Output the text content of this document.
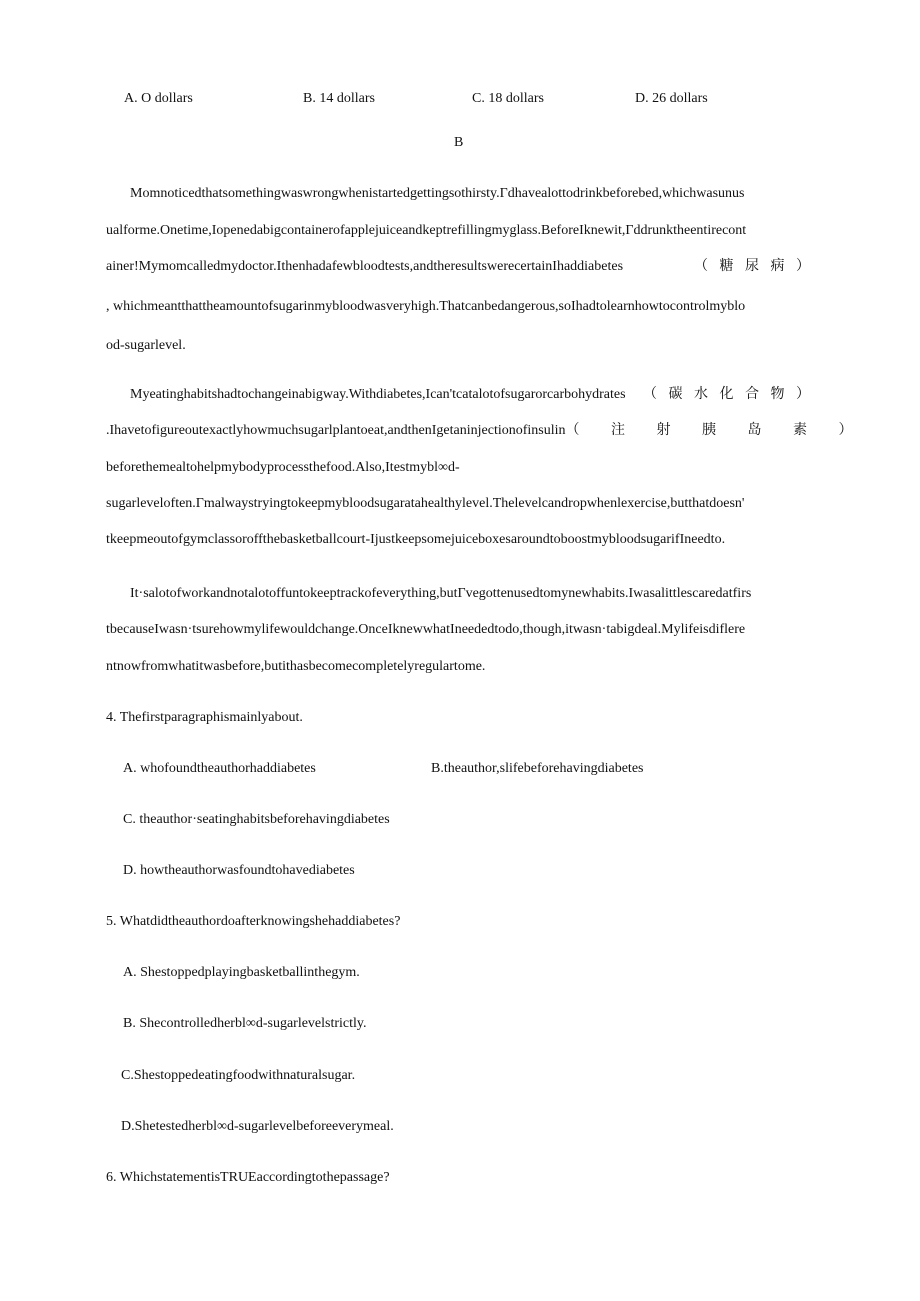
A. O dollars	B. 14 dollars	C. 18 dollars	D. 26 dollars
B
Momnoticedthatsomethingwaswrongwhenistartedgettingsothirsty.Γdhavealottodrinkbeforebed,whichwasunus
ualforme.Onetime,Iopenedabigcontainerofapplejuiceandkeptrefillingmyglass.BeforeIknewit,Γddrunktheentirecont
ainer!Mymomcalledmydoctor.Ithenhadafewbloodtests,andtheresultswerecertainIhaddiabetes	（ 糖 尿 病 ）
, whichmeantthattheamountofsugarinmybloodwasveryhigh.Thatcanbedangerous,soIhadtolearnhowtocontrolmyblo
od-sugarlevel.
Myeatinghabitshadtochangeinabigway.Withdiabetes,Ican'tcatalotofsugarorcarbohydrates （ 碳 水 化 合 物 ）
.Ihavetofigureoutexactlyhowmuchsugarlplantoeat,andthenIgetaninjectionofinsulin （ 注 射 胰 岛 素 ）
beforethemealtohelpmybodyprocessthefood.Also,Itestmybl∞d-
sugarleveloften.Γmalwaystryingtokeepmybloodsugaratahealthylevel.Thelevelcandropwhenlexercise,butthatdoesn'
tkeepmeoutofgymclassoroffthebasketballcourt-IjustkeepsomejuiceboxesaroundtoboostmybloodsugarifIneedto.
It·salotofworkandnotalotoffuntokeeptrackofeverything,butΓvegottenusedtomynewhabits.Iwasalittlescaredatfirs
tbecauseIwasn·tsurehowmylifewouldchange.OnceIknewwhatIneededtodo,though,itwasn·tabigdeal.Mylifeisdiflere
ntnowfromwhatitwasbefore,butithasbecomecompletelyregulartome.
4. Thefirstparagraphismainlyabout.
A. whofoundtheauthorhaddiabetes	B.theauthor,slifebeforehavingdiabetes
C. theauthor·seatinghabitsbeforehavingdiabetes
D. howtheauthorwasfoundtohavediabetes
5. Whatdidtheauthordoafterknowingshehaddiabetes?
A. Shestoppedplayingbasketballinthegym.
B. Shecontrolledherbl∞d-sugarlevelstrictly.
C.Shestoppedeatingfoodwithnaturalsugar.
D.Shetestedherbl∞d-sugarlevelbeforeeverymeal.
6. WhichstatementisTRUEaccordingtothepassage?
